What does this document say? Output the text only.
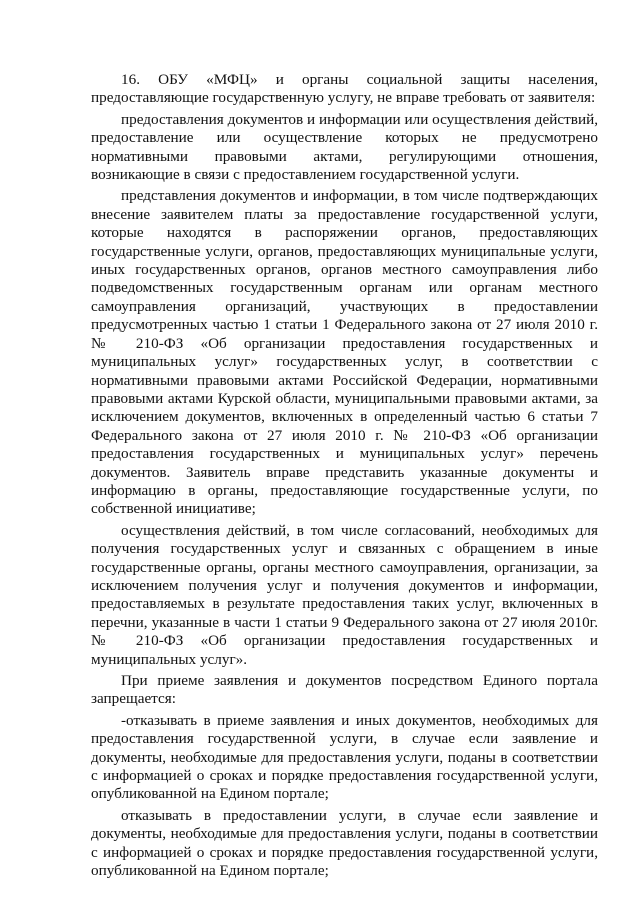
16. ОБУ «МФЦ» и органы социальной защиты населения, предоставляющие государственную услугу, не вправе требовать от заявителя:

предоставления документов и информации или осуществления действий, предоставление или осуществление которых не предусмотрено нормативными правовыми актами, регулирующими отношения, возникающие в связи с предоставлением государственной услуги.

представления документов и информации, в том числе подтверждающих внесение заявителем платы за предоставление государственной услуги, которые находятся в распоряжении органов, предоставляющих государственные услуги, органов, предоставляющих муниципальные услуги, иных государственных органов, органов местного самоуправления либо подведомственных государственным органам или органам местного самоуправления организаций, участвующих в предоставлении предусмотренных частью 1 статьи 1 Федерального закона от 27 июля 2010 г. № 210-ФЗ «Об организации предоставления государственных и муниципальных услуг» государственных услуг, в соответствии с нормативными правовыми актами Российской Федерации, нормативными правовыми актами Курской области, муниципальными правовыми актами, за исключением документов, включенных в определенный частью 6 статьи 7 Федерального закона от 27 июля 2010 г. № 210-ФЗ «Об организации предоставления государственных и муниципальных услуг» перечень документов. Заявитель вправе представить указанные документы и информацию в органы, предоставляющие государственные услуги, по собственной инициативе;

осуществления действий, в том числе согласований, необходимых для получения государственных услуг и связанных с обращением в иные государственные органы, органы местного самоуправления, организации, за исключением получения услуг и получения документов и информации, предоставляемых в результате предоставления таких услуг, включенных в перечни, указанные в части 1 статьи 9 Федерального закона от 27 июля 2010г. № 210-ФЗ «Об организации предоставления государственных и муниципальных услуг».

При приеме заявления и документов посредством Единого портала запрещается:

-отказывать в приеме заявления и иных документов, необходимых для предоставления государственной услуги, в случае если заявление и документы, необходимые для предоставления услуги, поданы в соответствии с информацией о сроках и порядке предоставления государственной услуги, опубликованной на Едином портале;

отказывать в предоставлении услуги, в случае если заявление и документы, необходимые для предоставления услуги, поданы в соответствии с информацией о сроках и порядке предоставления государственной услуги, опубликованной на Едином портале;
